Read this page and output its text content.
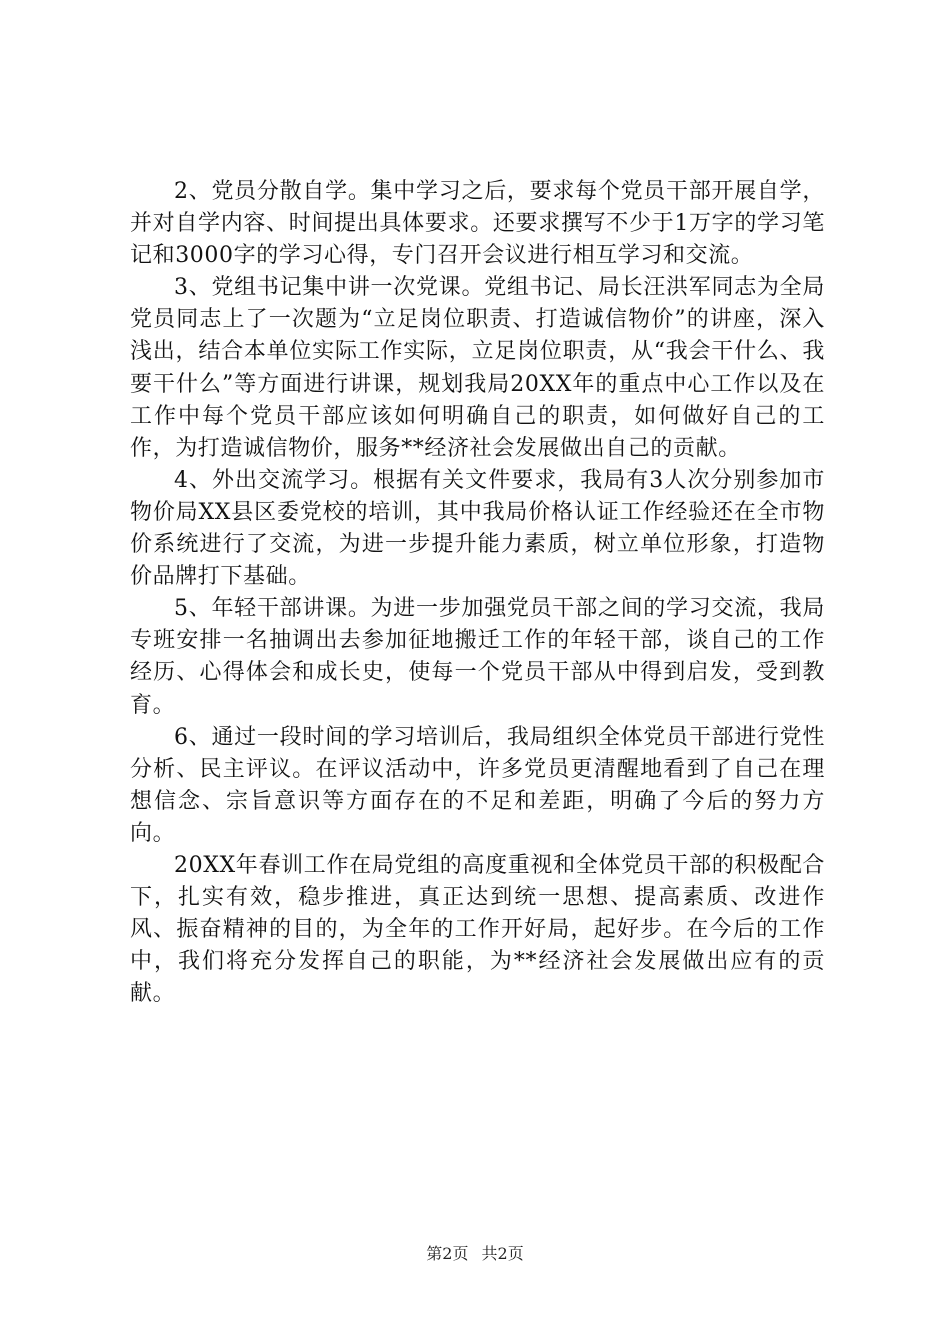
2、党员分散自学。集中学习之后，要求每个党员干部开展自学，并对自学内容、时间提出具体要求。还要求撰写不少于1万字的学习笔记和3000字的学习心得，专门召开会议进行相互学习和交流。

3、党组书记集中讲一次党课。党组书记、局长汪洪军同志为全局党员同志上了一次题为“立足岗位职责、打造诚信物价”的讲座，深入浅出，结合本单位实际工作实际，立足岗位职责，从“我会干什么、我要干什么”等方面进行讲课，规划我局20XX年的重点中心工作以及在工作中每个党员干部应该如何明确自己的职责，如何做好自己的工作，为打造诚信物价，服务**经济社会发展做出自己的贡献。

4、外出交流学习。根据有关文件要求，我局有3人次分别参加市物价局XX县区委党校的培训，其中我局价格认证工作经验还在全市物价系统进行了交流，为进一步提升能力素质，树立单位形象，打造物价品牌打下基础。

5、年轻干部讲课。为进一步加强党员干部之间的学习交流，我局专班安排一名抽调出去参加征地搬迁工作的年轻干部，谈自己的工作经历、心得体会和成长史，使每一个党员干部从中得到启发，受到教育。

6、通过一段时间的学习培训后，我局组织全体党员干部进行党性分析、民主评议。在评议活动中，许多党员更清醒地看到了自己在理想信念、宗旨意识等方面存在的不足和差距，明确了今后的努力方向。

20XX年春训工作在局党组的高度重视和全体党员干部的积极配合下，扎实有效，稳步推进，真正达到统一思想、提高素质、改进作风、振奋精神的目的，为全年的工作开好局，起好步。在今后的工作中，我们将充分发挥自己的职能，为**经济社会发展做出应有的贡献。

第2页 共2页
